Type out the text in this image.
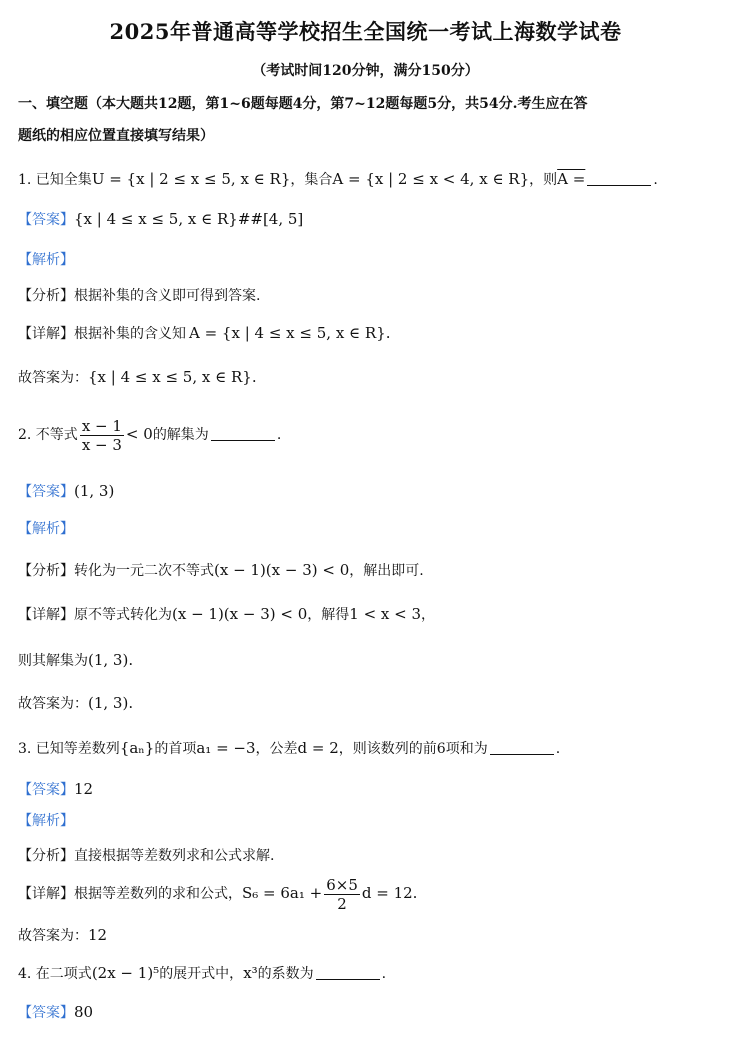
2025年普通高等学校招生全国统一考试上海数学试卷
（考试时间120分钟，满分150分）
一、填空题（本大题共12题，第1~6题每题4分，第7~12题每题5分，共54分.考生应在答
题纸的相应位置直接填写结果）
1. 已知全集U = {x | 2 ≤ x ≤ 5, x ∈ R}，集合A = {x | 2 ≤ x < 4, x ∈ R}，则A =	.
【答案】{x | 4 ≤ x ≤ 5, x ∈ R}##[4, 5]
【解析】
【分析】根据补集的含义即可得到答案.
【详解】根据补集的含义知 A = {x | 4 ≤ x ≤ 5, x ∈ R}.
故答案为：{x | 4 ≤ x ≤ 5, x ∈ R}.
2. 不等式 $\frac{x - 1}{x - 3} < 0$的解集为	.
【答案】(1, 3)
【解析】
【分析】转化为一元二次不等式(x − 1)(x − 3) < 0，解出即可.
【详解】原不等式转化为(x − 1)(x − 3) < 0，解得1 < x < 3，
则其解集为(1, 3).
故答案为：(1, 3).
3. 已知等差数列{aₙ}的首项a₁ = −3，公差d = 2，则该数列的前6项和为	.
【答案】12
【解析】
【分析】直接根据等差数列求和公式求解.
【详解】根据等差数列的求和公式，$S_6 = 6a_1 + \frac{6\times 5}{2}$ d = 12.
故答案为：12
4. 在二项式(2x − 1)⁵的展开式中，x³的系数为	.
【答案】80
